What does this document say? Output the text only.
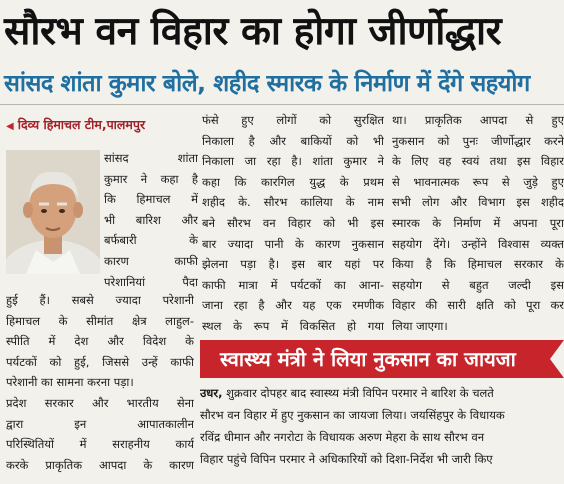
सौरभ वन विहार का होगा जीर्णोद्धार
सांसद शांता कुमार बोले, शहीद स्मारक के निर्माण में देंगे सहयोग
◀ दिव्य हिमाचल टीम,पालमपुर
सांसद शांता
कुमार ने कहा है
कि हिमाचल में
भी बारिश और
बर्फबारी के
कारण काफी
परेशानियां पैदा
हुई हैं। सबसे ज्यादा परेशानी
हिमाचल के सीमांत क्षेत्र लाहुल-
स्पीति में देश और विदेश के
पर्यटकों को हुई, जिससे उन्हें काफी
परेशानी का सामना करना पड़ा।
प्रदेश सरकार और भारतीय सेना
द्वारा इन आपातकालीन
परिस्थितियों में सराहनीय कार्य
करके प्राकृतिक आपदा के कारण
फंसे हुए लोगों को सुरक्षित
निकाला है और बाकियों को भी
निकाला जा रहा है। शांता कुमार ने
कहा कि कारगिल युद्ध के प्रथम
शहीद के. सौरभ कालिया के नाम
बने सौरभ वन विहार को भी इस
बार ज्यादा पानी के कारण नुकसान
झेलना पड़ा है। इस बार यहां पर
काफी मात्रा में पर्यटकों का आना-
जाना रहा है और यह एक रमणीक
स्थल के रूप में विकसित हो गया
था। प्राकृतिक आपदा से हुए
नुकसान को पुनः जीर्णोद्धार करने
के लिए वह स्वयं तथा इस विहार
से भावनात्मक रूप से जुड़े हुए
सभी लोग और विभाग इस शहीद
स्मारक के निर्माण में अपना पूरा
सहयोग देंगे। उन्होंने विश्वास व्यक्त
किया है कि हिमाचल सरकार के
सहयोग से बहुत जल्दी इस
विहार की सारी क्षति को पूरा कर
लिया जाएगा।
स्वास्थ्य मंत्री ने लिया नुकसान का जायजा
उधर, शुक्रवार दोपहर बाद स्वास्थ्य मंत्री विपिन परमार ने बारिश के चलते
सौरभ वन विहार में हुए नुकसान का जायजा लिया। जयसिंहपुर के विधायक
रविंद्र धीमान और नगरोटा के विधायक अरुण मेहरा के साथ सौरभ वन
विहार पहुंचे विपिन परमार ने अधिकारियों को दिशा-निर्देश भी जारी किए
